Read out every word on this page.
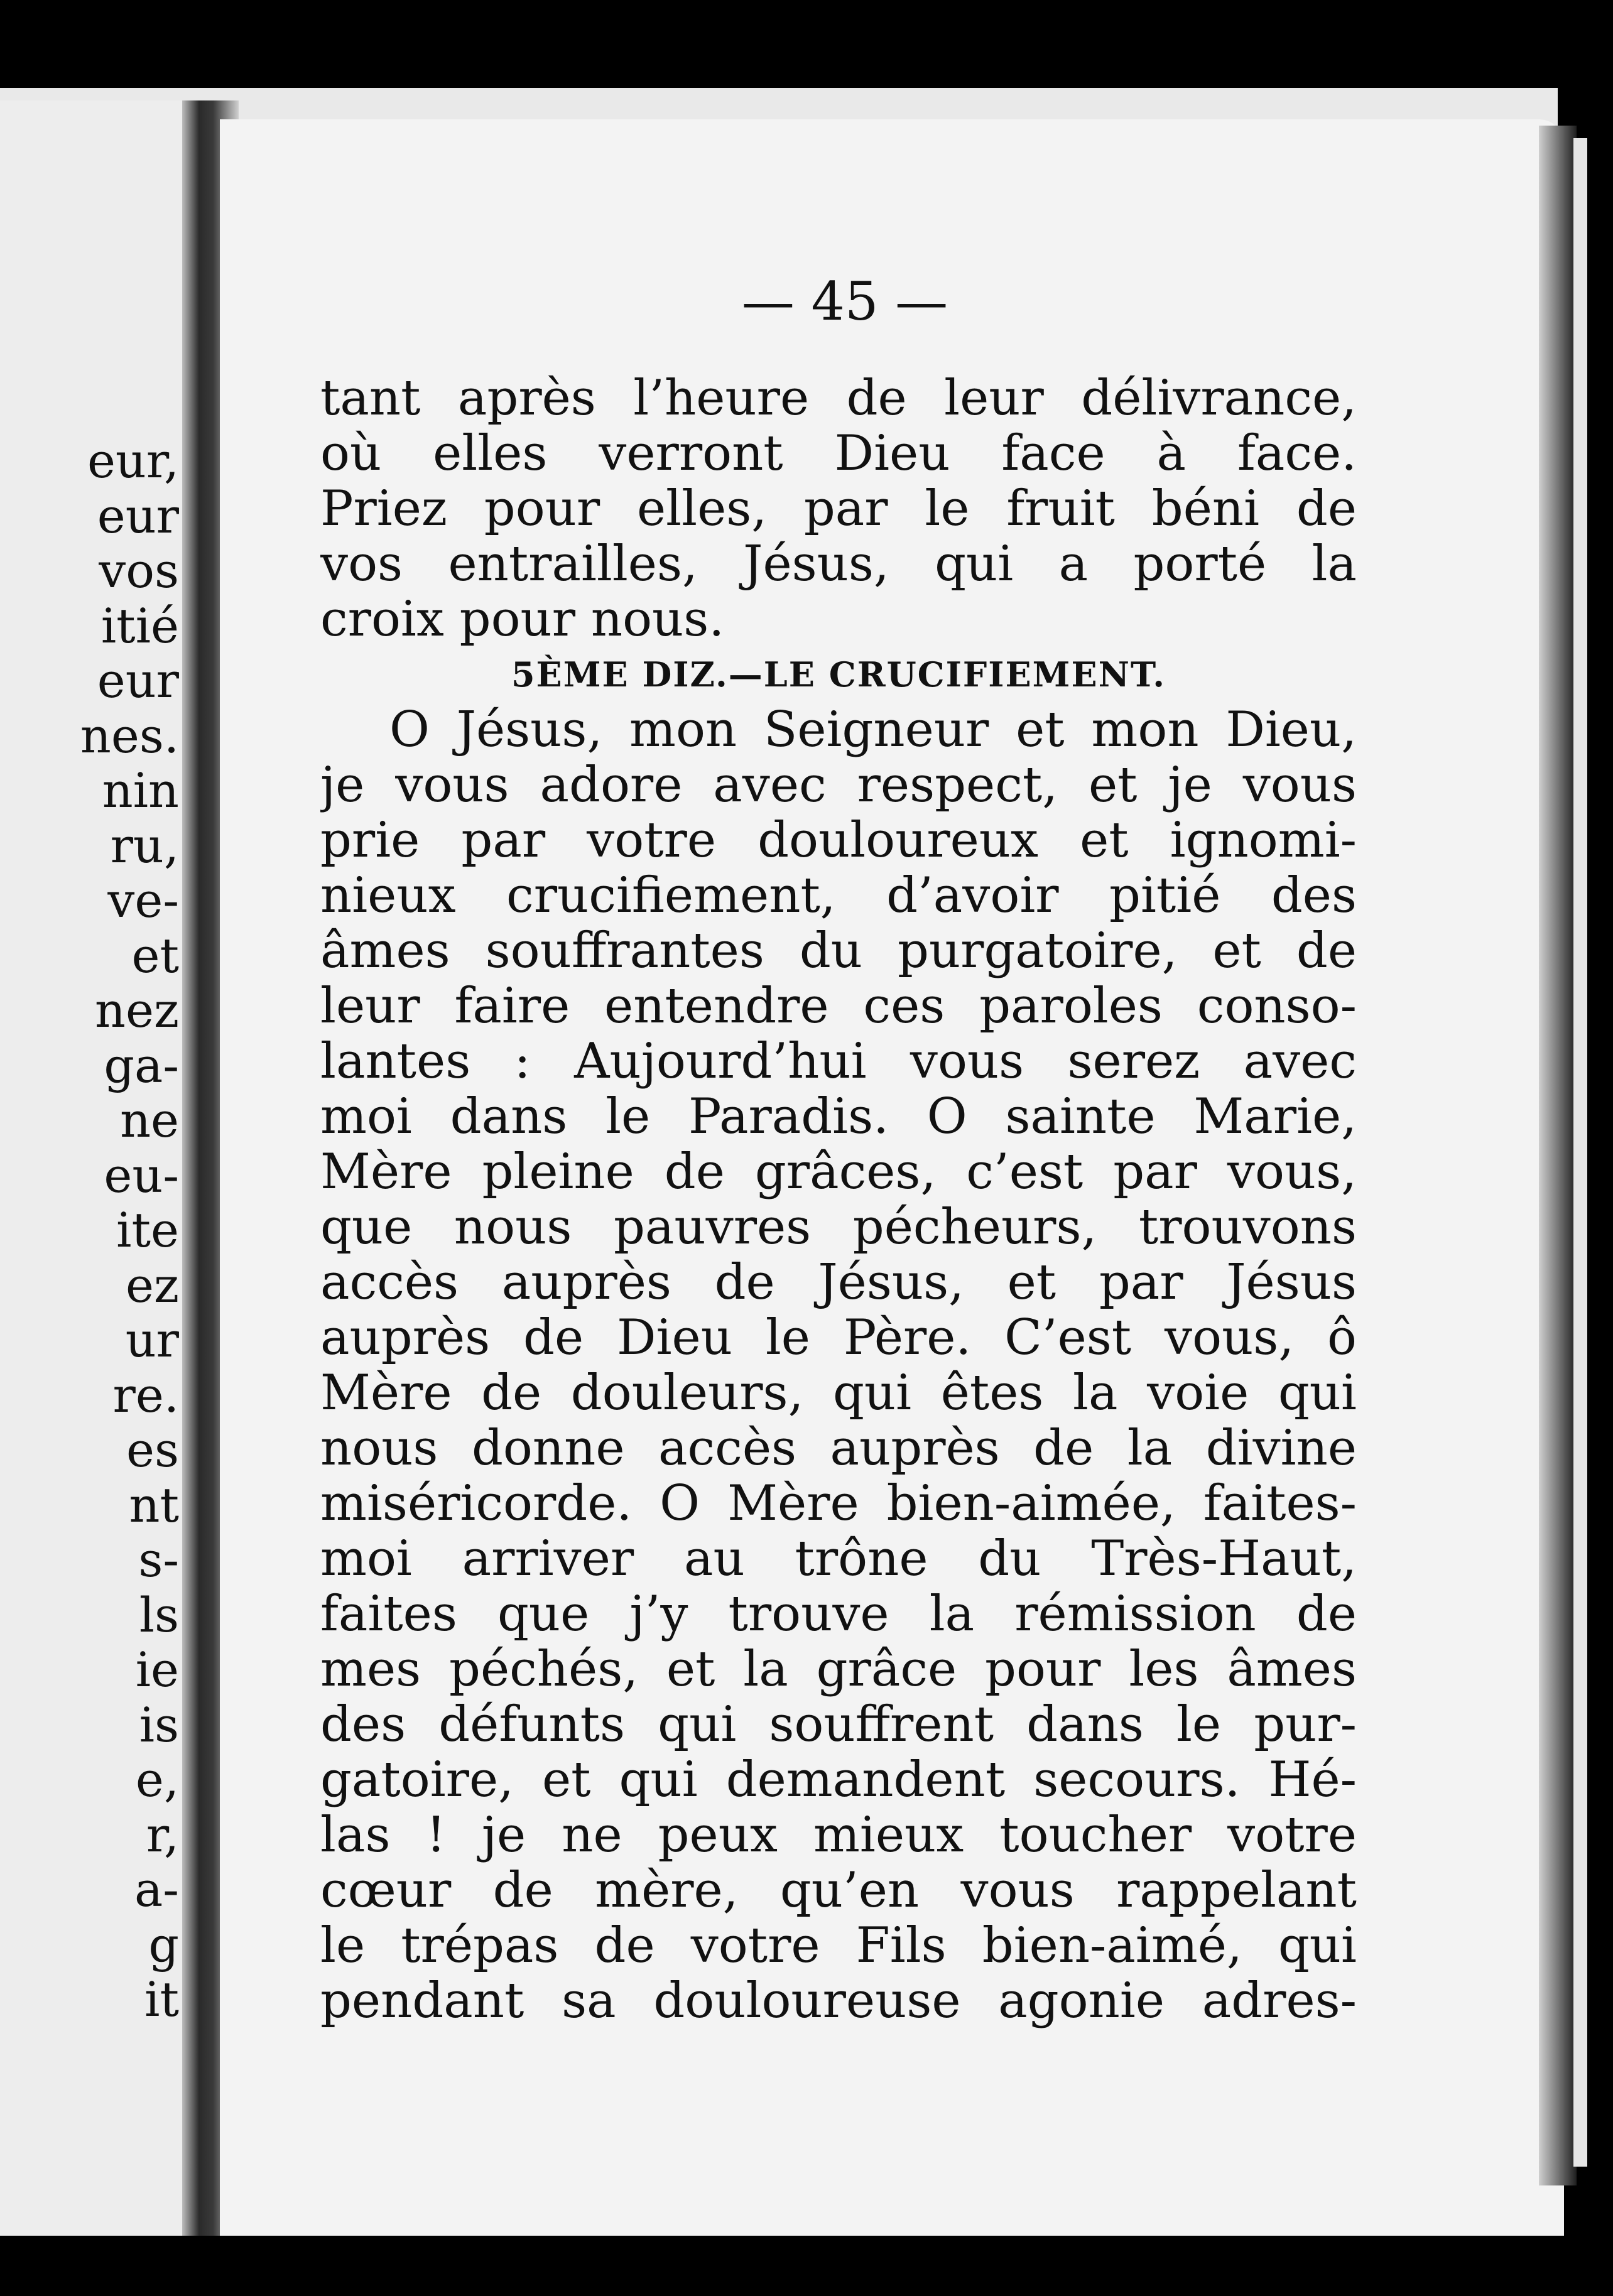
eur,
eur
vos
itié
eur
nes.
nin
ru,
ve-
et
nez
ga-
ne
eu-
ite
ez
ur
re.
es
nt
s-
ls
ie
is
e,
r,
a-
g
it
— 45 —
tant après l’heure de leur délivrance,
où elles verront Dieu face à face.
Priez pour elles, par le fruit béni de
vos entrailles, Jésus, qui a porté la
croix pour nous.
5ÈME DIZ.—LE CRUCIFIEMENT.
O Jésus, mon Seigneur et mon Dieu,
je vous adore avec respect, et je vous
prie par votre douloureux et ignomi-
nieux crucifiement, d’avoir pitié des
âmes souffrantes du purgatoire, et de
leur faire entendre ces paroles conso-
lantes : Aujourd’hui vous serez avec
moi dans le Paradis. O sainte Marie,
Mère pleine de grâces, c’est par vous,
que nous pauvres pécheurs, trouvons
accès auprès de Jésus, et par Jésus
auprès de Dieu le Père. C’est vous, ô
Mère de douleurs, qui êtes la voie qui
nous donne accès auprès de la divine
miséricorde. O Mère bien-aimée, faites-
moi arriver au trône du Très-Haut,
faites que j’y trouve la rémission de
mes péchés, et la grâce pour les âmes
des défunts qui souffrent dans le pur-
gatoire, et qui demandent secours. Hé-
las ! je ne peux mieux toucher votre
cœur de mère, qu’en vous rappelant
le trépas de votre Fils bien-aimé, qui
pendant sa douloureuse agonie adres-
